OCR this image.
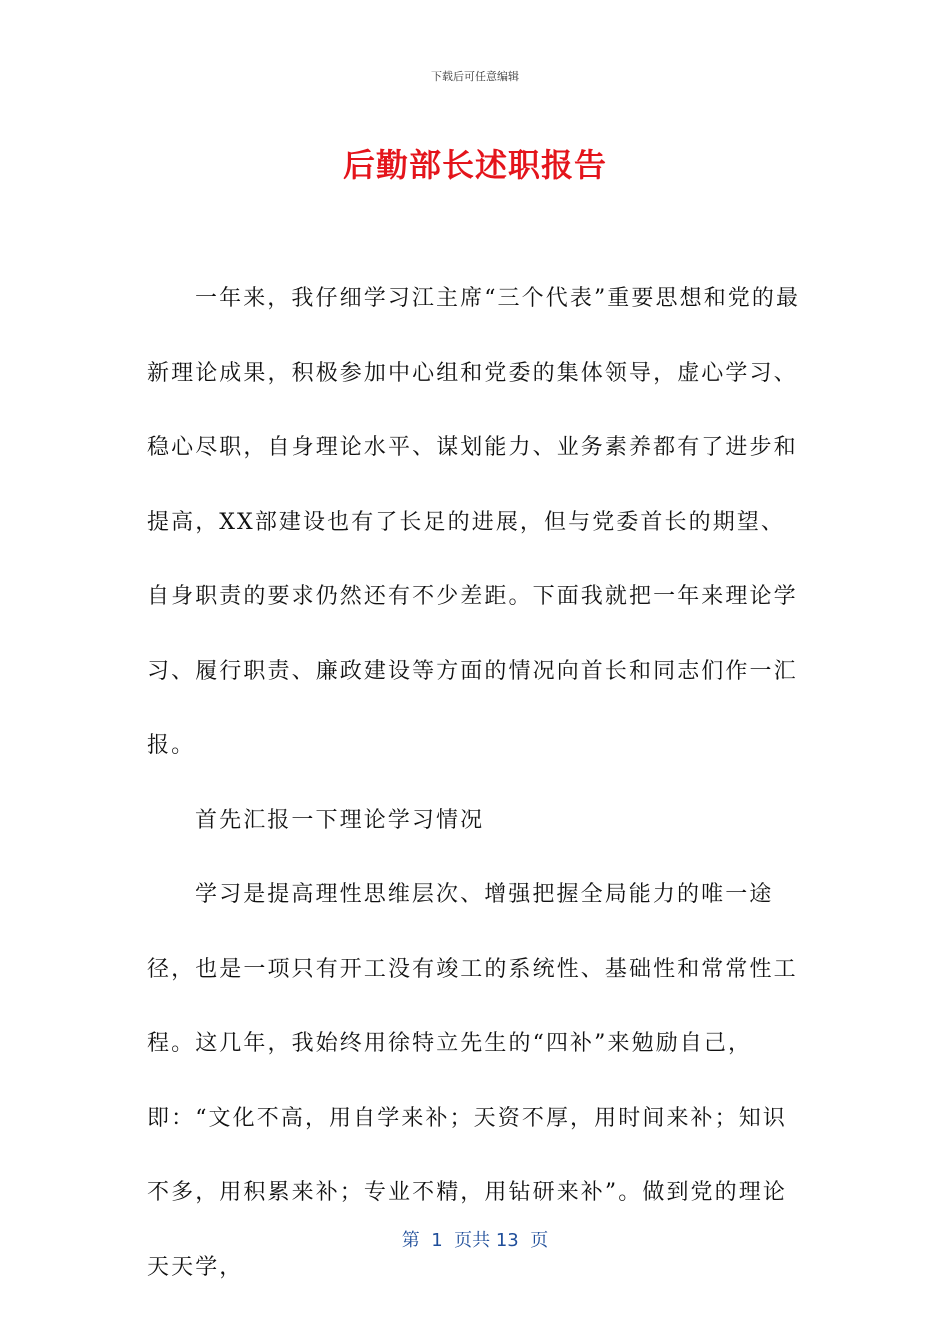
下载后可任意编辑
后勤部长述职报告

一年来，我仔细学习江主席“三个代表”重要思想和党的最新理论成果，积极参加中心组和党委的集体领导，虚心学习、稳心尽职，自身理论水平、谋划能力、业务素养都有了进步和提高，XX部建设也有了长足的进展，但与党委首长的期望、自身职责的要求仍然还有不少差距。下面我就把一年来理论学习、履行职责、廉政建设等方面的情况向首长和同志们作一汇报。

首先汇报一下理论学习情况

学习是提高理性思维层次、增强把握全局能力的唯一途径，也是一项只有开工没有竣工的系统性、基础性和常常性工程。这几年，我始终用徐特立先生的“四补”来勉励自己，即：“文化不高，用自学来补；天资不厚，用时间来补；知识不多，用积累来补；专业不精，用钻研来补”。做到党的理论天天学，

第  1  页共 13  页
